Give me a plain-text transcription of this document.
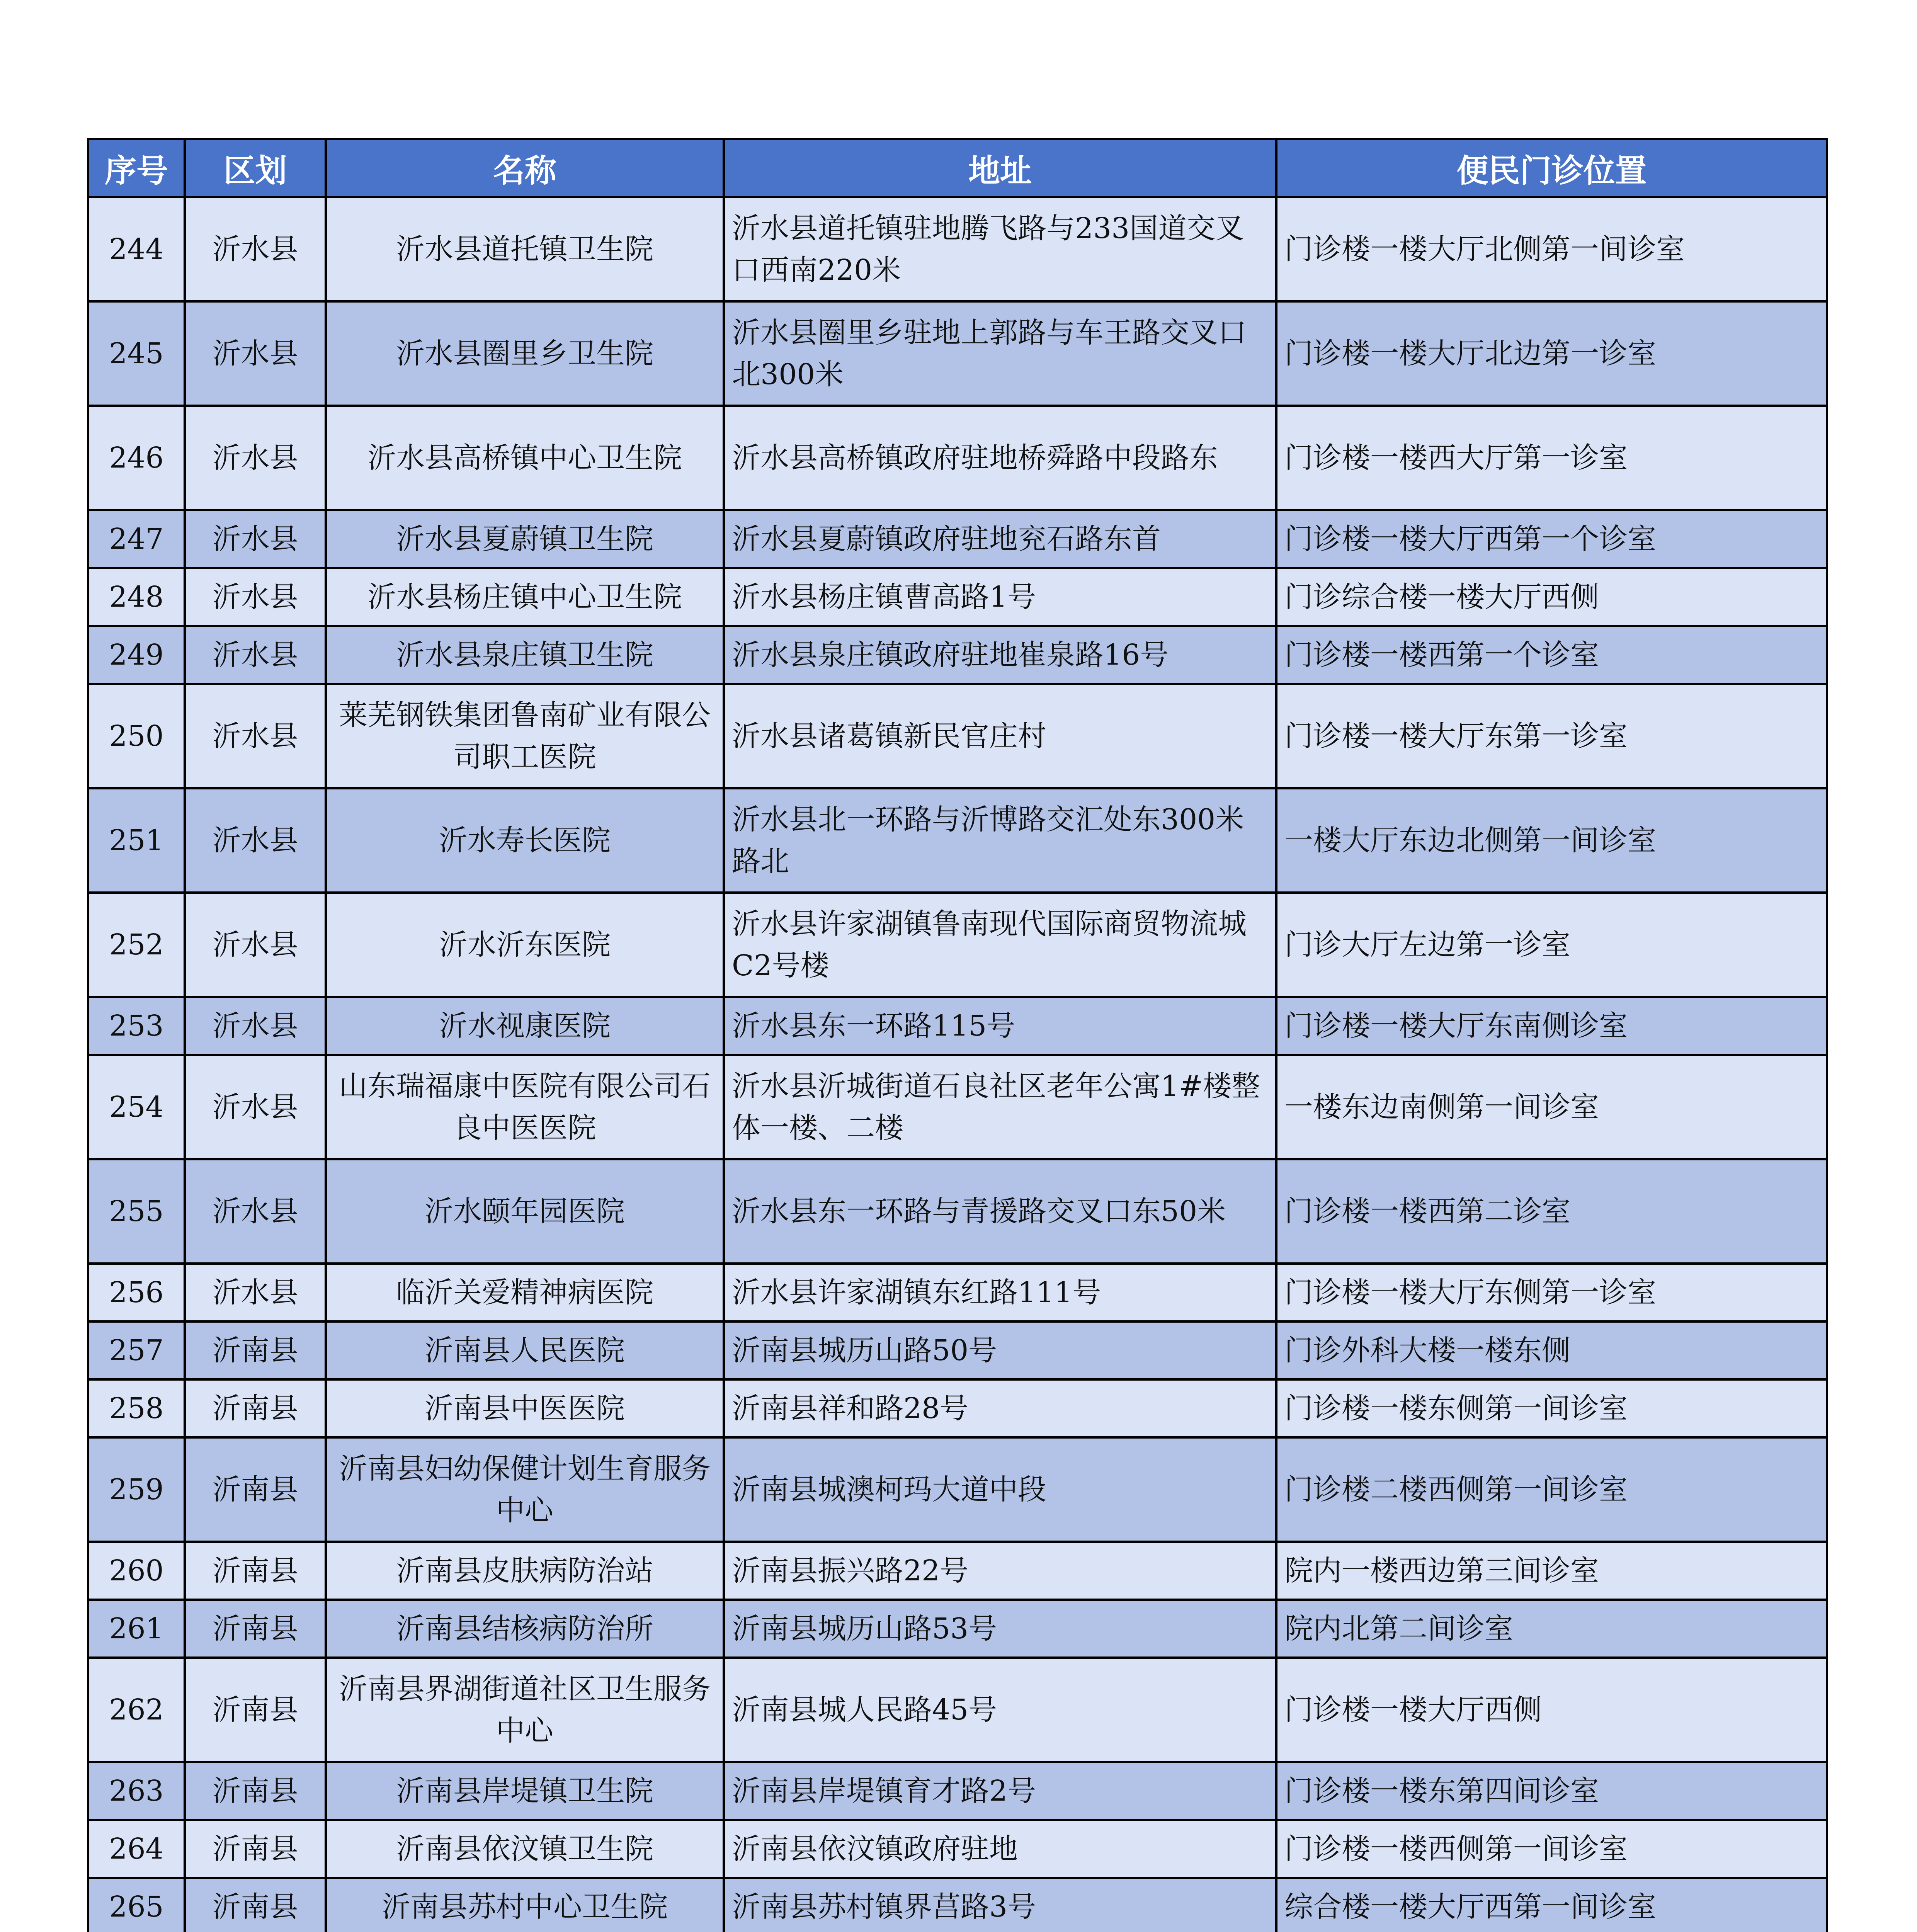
序号	区划	名称	地址	便民门诊位置
244	沂水县	沂水县道托镇卫生院	沂水县道托镇驻地腾飞路与233国道交叉口西南220米	门诊楼一楼大厅北侧第一间诊室
245	沂水县	沂水县圈里乡卫生院	沂水县圈里乡驻地上郭路与车王路交叉口北300米	门诊楼一楼大厅北边第一诊室
246	沂水县	沂水县高桥镇中心卫生院	沂水县高桥镇政府驻地桥舜路中段路东	门诊楼一楼西大厅第一诊室
247	沂水县	沂水县夏蔚镇卫生院	沂水县夏蔚镇政府驻地兖石路东首	门诊楼一楼大厅西第一个诊室
248	沂水县	沂水县杨庄镇中心卫生院	沂水县杨庄镇曹高路1号	门诊综合楼一楼大厅西侧
249	沂水县	沂水县泉庄镇卫生院	沂水县泉庄镇政府驻地崔泉路16号	门诊楼一楼西第一个诊室
250	沂水县	莱芜钢铁集团鲁南矿业有限公司职工医院	沂水县诸葛镇新民官庄村	门诊楼一楼大厅东第一诊室
251	沂水县	沂水寿长医院	沂水县北一环路与沂博路交汇处东300米路北	一楼大厅东边北侧第一间诊室
252	沂水县	沂水沂东医院	沂水县许家湖镇鲁南现代国际商贸物流城C2号楼	门诊大厅左边第一诊室
253	沂水县	沂水视康医院	沂水县东一环路115号	门诊楼一楼大厅东南侧诊室
254	沂水县	山东瑞福康中医院有限公司石良中医医院	沂水县沂城街道石良社区老年公寓1#楼整体一楼、二楼	一楼东边南侧第一间诊室
255	沂水县	沂水颐年园医院	沂水县东一环路与青援路交叉口东50米	门诊楼一楼西第二诊室
256	沂水县	临沂关爱精神病医院	沂水县许家湖镇东红路111号	门诊楼一楼大厅东侧第一诊室
257	沂南县	沂南县人民医院	沂南县城历山路50号	门诊外科大楼一楼东侧
258	沂南县	沂南县中医医院	沂南县祥和路28号	门诊楼一楼东侧第一间诊室
259	沂南县	沂南县妇幼保健计划生育服务中心	沂南县城澳柯玛大道中段	门诊楼二楼西侧第一间诊室
260	沂南县	沂南县皮肤病防治站	沂南县振兴路22号	院内一楼西边第三间诊室
261	沂南县	沂南县结核病防治所	沂南县城历山路53号	院内北第二间诊室
262	沂南县	沂南县界湖街道社区卫生服务中心	沂南县城人民路45号	门诊楼一楼大厅西侧
263	沂南县	沂南县岸堤镇卫生院	沂南县岸堤镇育才路2号	门诊楼一楼东第四间诊室
264	沂南县	沂南县依汶镇卫生院	沂南县依汶镇政府驻地	门诊楼一楼西侧第一间诊室
265	沂南县	沂南县苏村中心卫生院	沂南县苏村镇界莒路3号	综合楼一楼大厅西第一间诊室
